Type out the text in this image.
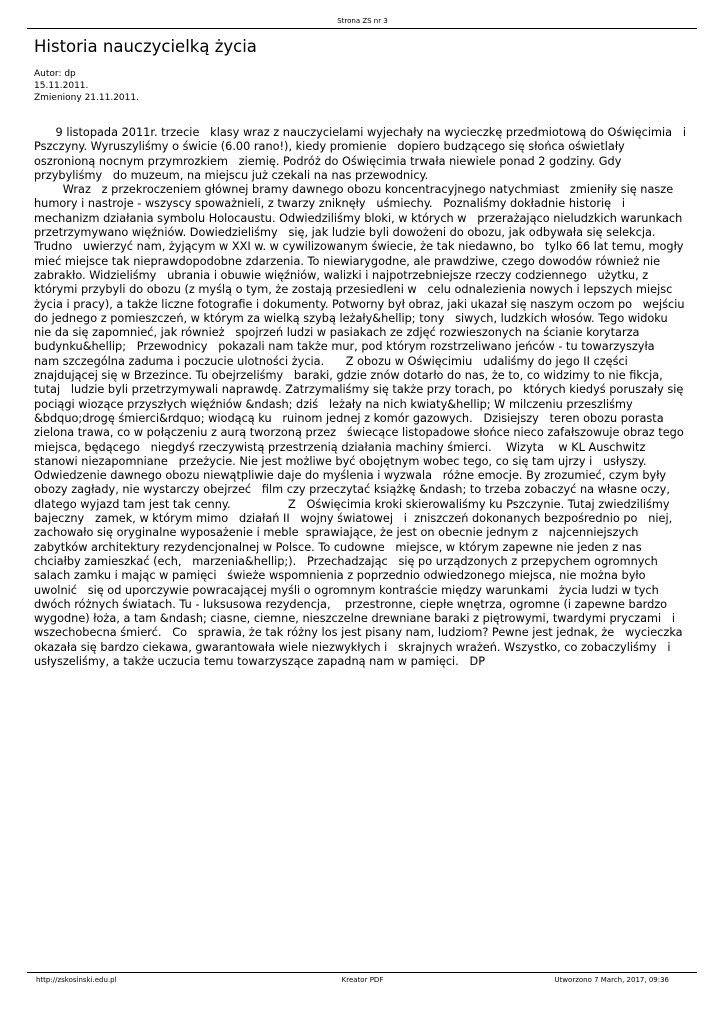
Strona ZS nr 3
Historia nauczycielką życia
Autor: dp
15.11.2011.
Zmieniony 21.11.2011.

9 listopada 2011r. trzecie   klasy wraz z nauczycielami wyjechały na wycieczkę przedmiotową do Oświęcimia   i Pszczyny. Wyruszyliśmy o świcie (6.00 rano!), kiedy promienie   dopiero budzącego się słońca oświetlały oszronioną nocnym przymrozkiem   ziemię. Podróż do Oświęcimia trwała niewiele ponad 2 godziny. Gdy przybyliśmy   do muzeum, na miejscu już czekali na nas przewodnicy.

Wraz   z przekroczeniem głównej bramy dawnego obozu koncentracyjnego natychmiast   zmieniły się nasze humory i nastroje - wszyscy spoważnieli, z twarzy zniknęły   uśmiechy.   Poznaliśmy dokładnie historię   i mechanizm działania symbolu Holocaustu. Odwiedziliśmy bloki, w których w   przerażająco nieludzkich warunkach przetrzymywano więźniów. Dowiedzieliśmy   się, jak ludzie byli dowożeni do obozu, jak odbywała się selekcja. Trudno   uwierzyć nam, żyjącym w XXI w. w cywilizowanym świecie, że tak niedawno, bo   tylko 66 lat temu, mogły mieć miejsce tak nieprawdopodobne zdarzenia. To niewiarygodne, ale prawdziwe, czego dowodów również nie zabrakło. Widzieliśmy   ubrania i obuwie więźniów, walizki i najpotrzebniejsze rzeczy codziennego   użytku, z którymi przybyli do obozu (z myślą o tym, że zostają przesiedleni w   celu odnalezienia nowych i lepszych miejsc życia i pracy), a także liczne fotografie i dokumenty. Potworny był obraz, jaki ukazał się naszym oczom po   wejściu do jednego z pomieszczeń, w którym za wielką szybą leżały&hellip; tony   siwych, ludzkich włosów. Tego widoku nie da się zapomnieć, jak również   spojrzeń ludzi w pasiakach ze zdjęć rozwieszonych na ścianie korytarza budynku&hellip;   Przewodnicy   pokazali nam także mur, pod którym rozstrzeliwano jeńców - tu towarzyszyła   nam szczególna zaduma i poczucie ulotności życia.      Z obozu w Oświęcimiu   udaliśmy do jego II części znajdującej się w Brzezince. Tu obejrzeliśmy   baraki, gdzie znów dotarło do nas, że to, co widzimy to nie fikcja, tutaj   ludzie byli przetrzymywali naprawdę. Zatrzymaliśmy się także przy torach, po   których kiedyś poruszały się pociągi wiozące przyszłych więźniów &ndash; dziś   leżały na nich kwiaty&hellip; W milczeniu przeszliśmy &bdquo;drogę śmierci&rdquo; wiodącą ku   ruinom jednej z komór gazowych.   Dzisiejszy   teren obozu porasta zielona trawa, co w połączeniu z aurą tworzoną przez   świecące listopadowe słońce nieco zafałszowuje obraz tego miejsca, będącego   niegdyś rzeczywistą przestrzenią działania machiny śmierci.    Wizyta    w KL Auschwitz stanowi niezapomniane   przeżycie. Nie jest możliwe być obojętnym wobec tego, co się tam ujrzy i   usłyszy. Odwiedzenie dawnego obozu niewątpliwie daje do myślenia i wyzwala   różne emocje. By zrozumieć, czym były obozy zagłady, nie wystarczy obejrzeć   film czy przeczytać książkę &ndash; to trzeba zobaczyć na własne oczy, dlatego wyjazd tam jest tak cenny.                Z   Oświęcimia kroki skierowaliśmy ku Pszczynie. Tutaj zwiedziliśmy bajeczny   zamek, w którym mimo   działań II   wojny światowej   i  zniszczeń dokonanych bezpośrednio po   niej, zachowało się oryginalne wyposażenie i meble  sprawiające, że jest on obecnie jednym z   najcenniejszych zabytków architektury rezydencjonalnej w Polsce. To cudowne   miejsce, w którym zapewne nie jeden z nas chciałby zamieszkać (ech,   marzenia&hellip;).   Przechadzając   się po urządzonych z przepychem ogromnych salach zamku i mając w pamięci   świeże wspomnienia z poprzednio odwiedzonego miejsca, nie można było uwolnić   się od uporczywie powracającej myśli o ogromnym kontraście między warunkami   życia ludzi w tych dwóch różnych światach. Tu - luksusowa rezydencja,    przestronne, ciepłe wnętrza, ogromne (i zapewne bardzo wygodne) łoża, a tam &ndash; ciasne, ciemne, nieszczelne drewniane baraki z piętrowymi, twardymi pryczami   i wszechobecna śmierć.   Co   sprawia, że tak różny los jest pisany nam, ludziom? Pewne jest jednak, że   wycieczka okazała się bardzo ciekawa, gwarantowała wiele niezwykłych i   skrajnych wrażeń. Wszystko, co zobaczyliśmy   i usłyszeliśmy, a także uczucia temu towarzyszące zapadną nam w pamięci.   DP

http://zskosinski.edu.pl	Kreator PDF	Utworzono 7 March, 2017, 09:36
